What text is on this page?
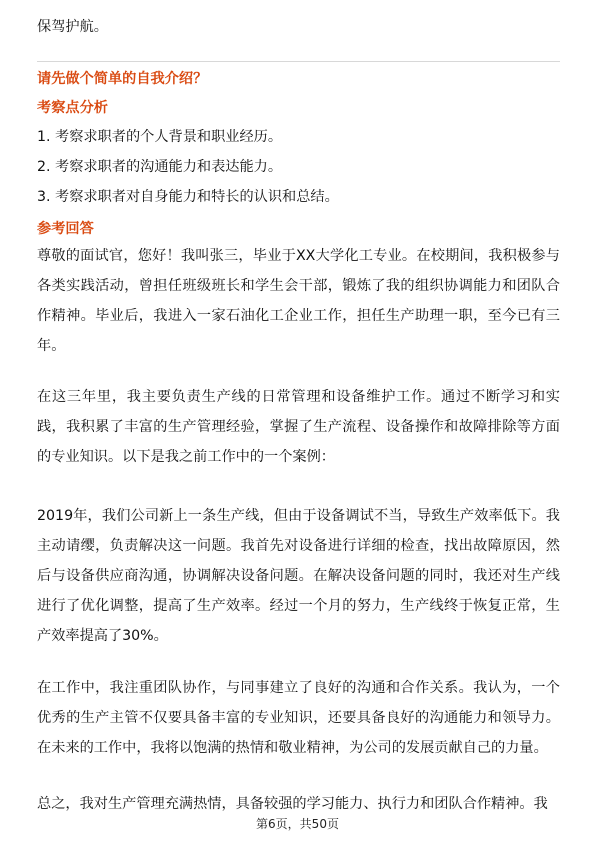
保驾护航。
请先做个简单的自我介绍？
考察点分析
1. 考察求职者的个人背景和职业经历。
2. 考察求职者的沟通能力和表达能力。
3. 考察求职者对自身能力和特长的认识和总结。
参考回答
尊敬的面试官，您好！我叫张三，毕业于XX大学化工专业。在校期间，我积极参与各类实践活动，曾担任班级班长和学生会干部，锻炼了我的组织协调能力和团队合作精神。毕业后，我进入一家石油化工企业工作，担任生产助理一职，至今已有三年。
在这三年里，我主要负责生产线的日常管理和设备维护工作。通过不断学习和实践，我积累了丰富的生产管理经验，掌握了生产流程、设备操作和故障排除等方面的专业知识。以下是我之前工作中的一个案例：
2019年，我们公司新上一条生产线，但由于设备调试不当，导致生产效率低下。我主动请缨，负责解决这一问题。我首先对设备进行详细的检查，找出故障原因，然后与设备供应商沟通，协调解决设备问题。在解决设备问题的同时，我还对生产线进行了优化调整，提高了生产效率。经过一个月的努力，生产线终于恢复正常，生产效率提高了30%。
在工作中，我注重团队协作，与同事建立了良好的沟通和合作关系。我认为，一个优秀的生产主管不仅要具备丰富的专业知识，还要具备良好的沟通能力和领导力。在未来的工作中，我将以饱满的热情和敬业精神，为公司的发展贡献自己的力量。
总之，我对生产管理充满热情，具备较强的学习能力、执行力和团队合作精神。我
第6页，共50页
